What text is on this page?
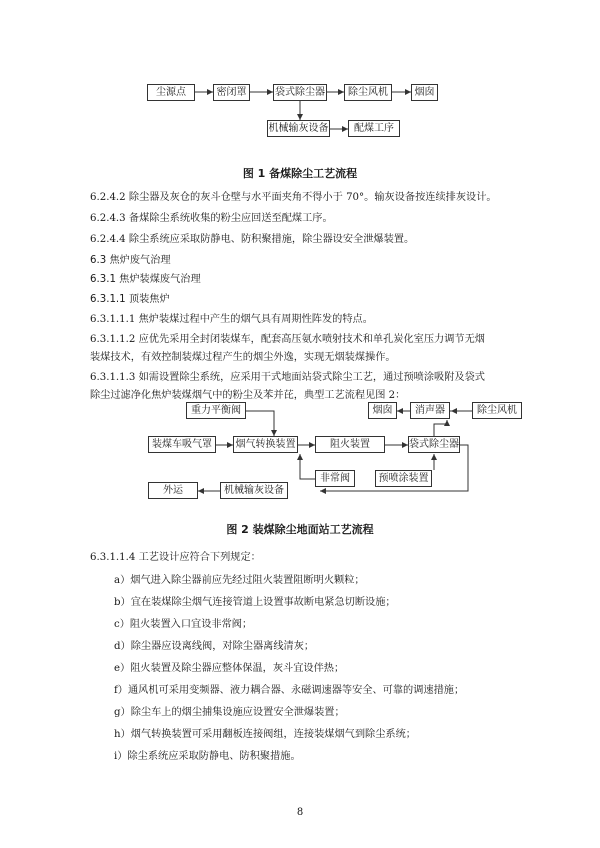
尘源点	密闭罩	袋式除尘器	除尘风机	烟囱
机械输灰设备	配煤工序
图 1 备煤除尘工艺流程
6.2.4.2 除尘器及灰仓的灰斗仓壁与水平面夹角不得小于 70°。输灰设备按连续排灰设计。
6.2.4.3 备煤除尘系统收集的粉尘应回送至配煤工序。
6.2.4.4 除尘系统应采取防静电、防积聚措施，除尘器设安全泄爆装置。
6.3 焦炉废气治理
6.3.1 焦炉装煤废气治理
6.3.1.1 顶装焦炉
6.3.1.1.1 焦炉装煤过程中产生的烟气具有周期性阵发的特点。
6.3.1.1.2 应优先采用全封闭装煤车，配套高压氨水喷射技术和单孔炭化室压力调节无烟
装煤技术，有效控制装煤过程产生的烟尘外逸，实现无烟装煤操作。
6.3.1.1.3 如需设置除尘系统，应采用干式地面站袋式除尘工艺，通过预喷涂吸附及袋式
除尘过滤净化焦炉装煤烟气中的粉尘及苯并芘，典型工艺流程见图 2：
重力平衡阀	烟囱	消声器	除尘风机
装煤车吸气罩	烟气转换装置	阻火装置	袋式除尘器
非常阀	预喷涂装置
外运	机械输灰设备
图 2 装煤除尘地面站工艺流程
6.3.1.1.4 工艺设计应符合下列规定：
a）烟气进入除尘器前应先经过阻火装置阻断明火颗粒；
b）宜在装煤除尘烟气连接管道上设置事故断电紧急切断设施；
c）阻火装置入口宜设非常阀；
d）除尘器应设离线阀，对除尘器离线清灰；
e）阻火装置及除尘器应整体保温，灰斗宜设伴热；
f）通风机可采用变频器、液力耦合器、永磁调速器等安全、可靠的调速措施；
g）除尘车上的烟尘捕集设施应设置安全泄爆装置；
h）烟气转换装置可采用翻板连接阀组，连接装煤烟气到除尘系统；
i）除尘系统应采取防静电、防积聚措施。
8
